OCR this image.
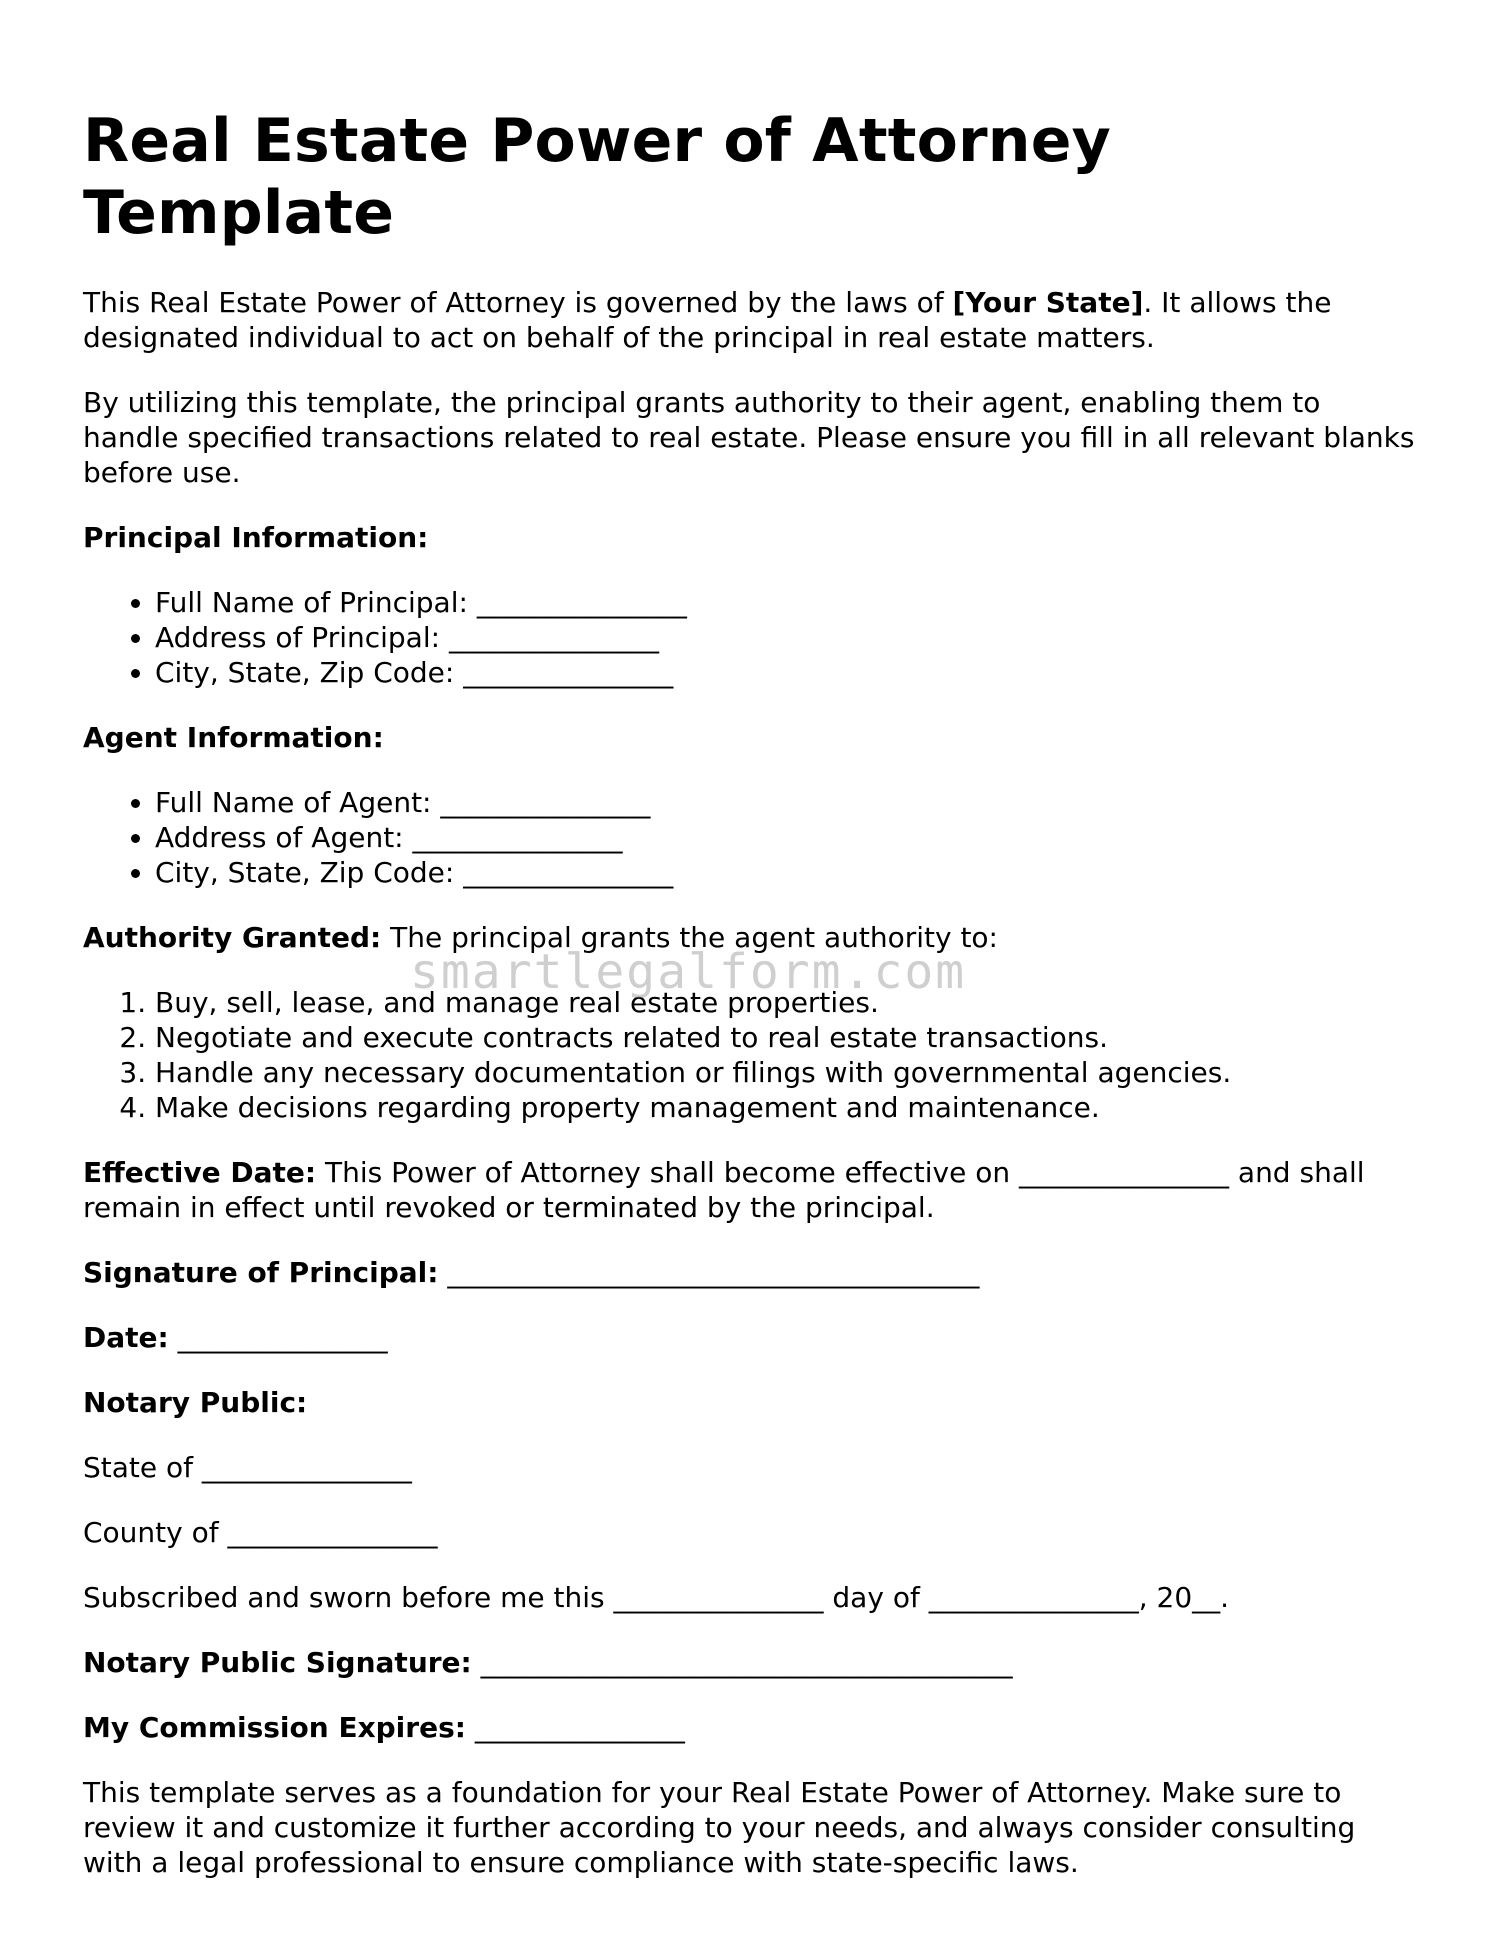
Real Estate Power of Attorney Template

This Real Estate Power of Attorney is governed by the laws of [Your State]. It allows the designated individual to act on behalf of the principal in real estate matters.

By utilizing this template, the principal grants authority to their agent, enabling them to handle specified transactions related to real estate. Please ensure you fill in all relevant blanks before use.

Principal Information:

• Full Name of Principal: _______________
• Address of Principal: _______________
• City, State, Zip Code: _______________

Agent Information:

• Full Name of Agent: _______________
• Address of Agent: _______________
• City, State, Zip Code: _______________

Authority Granted: The principal grants the agent authority to:

1. Buy, sell, lease, and manage real estate properties.
2. Negotiate and execute contracts related to real estate transactions.
3. Handle any necessary documentation or filings with governmental agencies.
4. Make decisions regarding property management and maintenance.

Effective Date: This Power of Attorney shall become effective on _______________ and shall remain in effect until revoked or terminated by the principal.

Signature of Principal: ______________________________________

Date: _______________

Notary Public:

State of _______________

County of _______________

Subscribed and sworn before me this _______________ day of _______________, 20__.

Notary Public Signature: ______________________________________

My Commission Expires: _______________

This template serves as a foundation for your Real Estate Power of Attorney. Make sure to review it and customize it further according to your needs, and always consider consulting with a legal professional to ensure compliance with state-specific laws.

smartlegalform.com
